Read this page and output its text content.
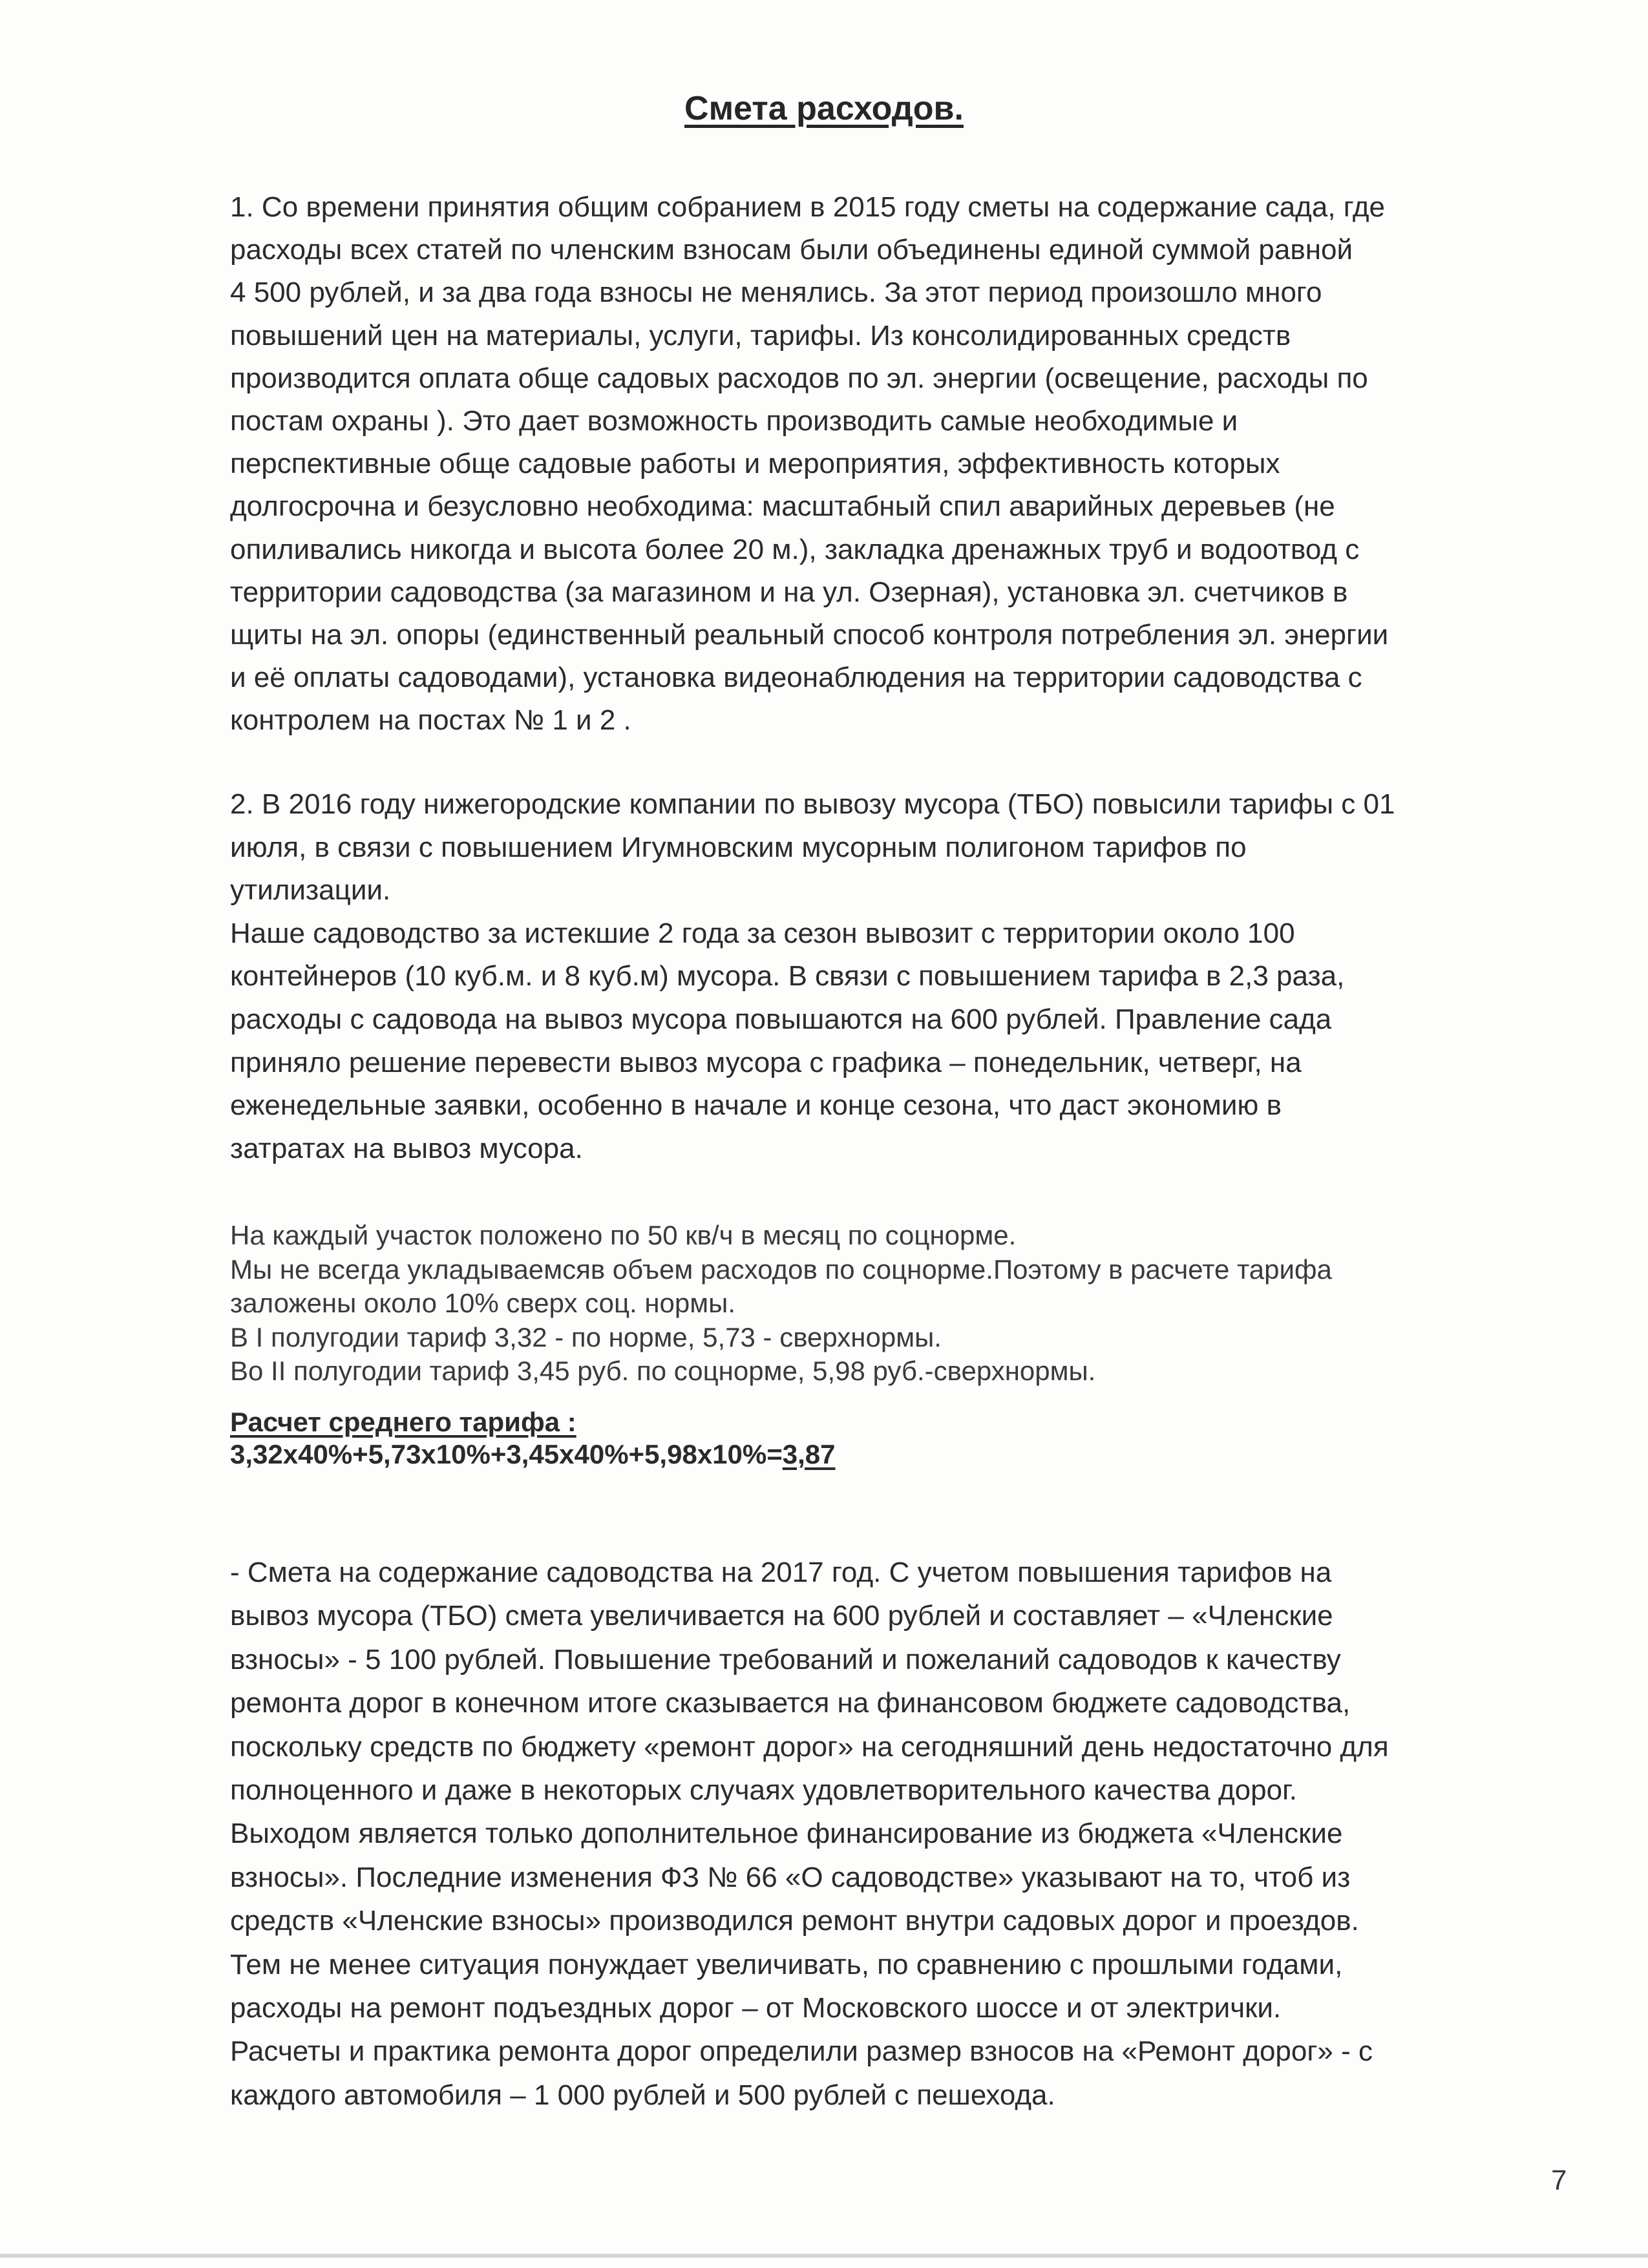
Смета расходов.

1. Со времени принятия общим собранием в 2015 году сметы на содержание сада, где
расходы всех статей по членским взносам были объединены единой суммой равной
4 500 рублей, и за два года взносы не менялись. За этот период произошло много
повышений цен на материалы, услуги, тарифы. Из консолидированных средств
производится оплата обще садовых расходов по эл. энергии (освещение, расходы по
постам охраны ). Это дает возможность производить самые необходимые и
перспективные обще садовые работы и мероприятия, эффективность которых
долгосрочна и безусловно необходима: масштабный спил аварийных деревьев (не
опиливались никогда и высота более 20 м.), закладка дренажных труб и водоотвод с
территории садоводства (за магазином и на ул. Озерная), установка эл. счетчиков в
щиты на эл. опоры (единственный реальный способ контроля потребления эл. энергии
и её оплаты садоводами), установка видеонаблюдения на территории садоводства с
контролем на постах № 1 и 2 .

2. В 2016 году нижегородские компании по вывозу мусора (ТБО) повысили тарифы с 01
июля, в связи с повышением Игумновским мусорным полигоном тарифов по
утилизации.
Наше садоводство за истекшие 2 года за сезон вывозит с территории около 100
контейнеров (10 куб.м. и 8 куб.м) мусора. В связи с повышением тарифа в 2,3 раза,
расходы с садовода на вывоз мусора повышаются на 600 рублей. Правление сада
приняло решение перевести вывоз мусора с графика – понедельник, четверг, на
еженедельные заявки, особенно в начале и конце сезона, что даст экономию в
затратах на вывоз мусора.

На каждый участок положено по 50 кв/ч в месяц по соцнорме.
Мы не всегда укладываемсяв объем расходов по соцнорме.Поэтому в расчете тарифа
заложены около 10% сверх соц. нормы.
В I полугодии тариф 3,32 - по норме, 5,73 - сверхнормы.
Во II полугодии тариф 3,45 руб. по соцнорме, 5,98 руб.-сверхнормы.

Расчет среднего тарифа :
3,32х40%+5,73х10%+3,45х40%+5,98х10%=3,87

- Смета на содержание садоводства на 2017 год. С учетом повышения тарифов на
вывоз мусора (ТБО) смета увеличивается на 600 рублей и составляет – «Членские
взносы» - 5 100 рублей. Повышение требований и пожеланий садоводов к качеству
ремонта дорог в конечном итоге сказывается на финансовом бюджете садоводства,
поскольку средств по бюджету «ремонт дорог» на сегодняшний день недостаточно для
полноценного и даже в некоторых случаях удовлетворительного качества дорог.
Выходом является только дополнительное финансирование из бюджета «Членские
взносы». Последние изменения ФЗ № 66 «О садоводстве» указывают на то, чтоб из
средств «Членские взносы» производился ремонт внутри садовых дорог и проездов.
Тем не менее ситуация понуждает увеличивать, по сравнению с прошлыми годами,
расходы на ремонт подъездных дорог – от Московского шоссе и от электрички.
Расчеты и практика ремонта дорог определили размер взносов на «Ремонт дорог» - с
каждого автомобиля – 1 000 рублей и 500 рублей с пешехода.

7
